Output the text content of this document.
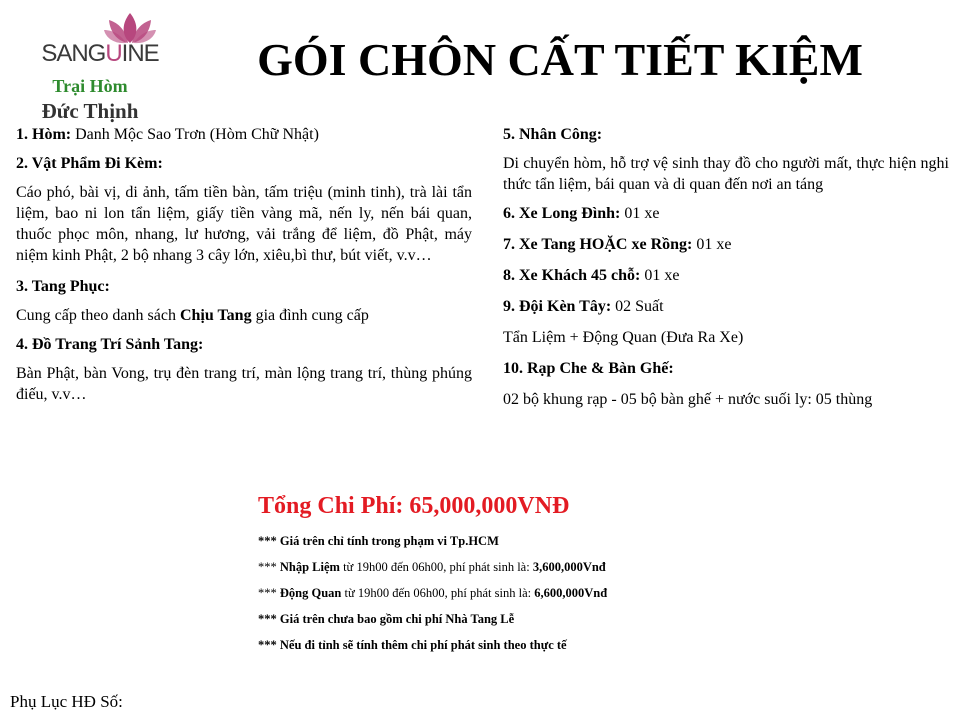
SANGUINE
Trại Hòm
Đức Thịnh
GÓI CHÔN CẤT TIẾT KIỆM

1. Hòm: Danh Mộc Sao Trơn (Hòm Chữ Nhật)

2. Vật Phẩm Đi Kèm:

Cáo phó, bài vị, di ảnh, tấm tiền bàn, tấm triệu (minh tinh), trà lài tẩn liệm, bao ni lon tẩn liệm, giấy tiền vàng mã, nến ly, nến bái quan, thuốc phọc môn, nhang, lư hương, vải trắng để liệm, đồ Phật, máy niệm kinh Phật, 2 bộ nhang 3 cây lớn, xiêu,bì thư, bút viết, v.v…

3. Tang Phục:

Cung cấp theo danh sách Chịu Tang gia đình cung cấp

4. Đồ Trang Trí Sảnh Tang:

Bàn Phật, bàn Vong, trụ đèn trang trí, màn lộng trang trí, thùng phúng điếu, v.v…

5. Nhân Công:

Di chuyển hòm, hỗ trợ vệ sinh thay đồ cho người mất, thực hiện nghi thức tẩn liệm, bái quan và di quan đến nơi an táng

6. Xe Long Đình: 01 xe

7. Xe Tang HOẶC xe Rồng: 01 xe

8. Xe Khách 45 chỗ: 01 xe

9. Đội Kèn Tây: 02 Suất

Tẩn Liệm + Động Quan (Đưa Ra Xe)

10. Rạp Che & Bàn Ghế:

02 bộ khung rạp - 05 bộ bàn ghế + nước suối ly: 05 thùng

Tổng Chi Phí: 65,000,000VNĐ
*** Giá trên chỉ tính trong phạm vi Tp.HCM
*** Nhập Liệm từ 19h00 đến 06h00, phí phát sinh là: 3,600,000Vnđ
*** Động Quan từ 19h00 đến 06h00, phí phát sinh là: 6,600,000Vnđ
*** Giá trên chưa bao gồm chi phí Nhà Tang Lễ
*** Nếu đi tỉnh sẽ tính thêm chi phí phát sinh theo thực tế
Phụ Lục HĐ Số:
